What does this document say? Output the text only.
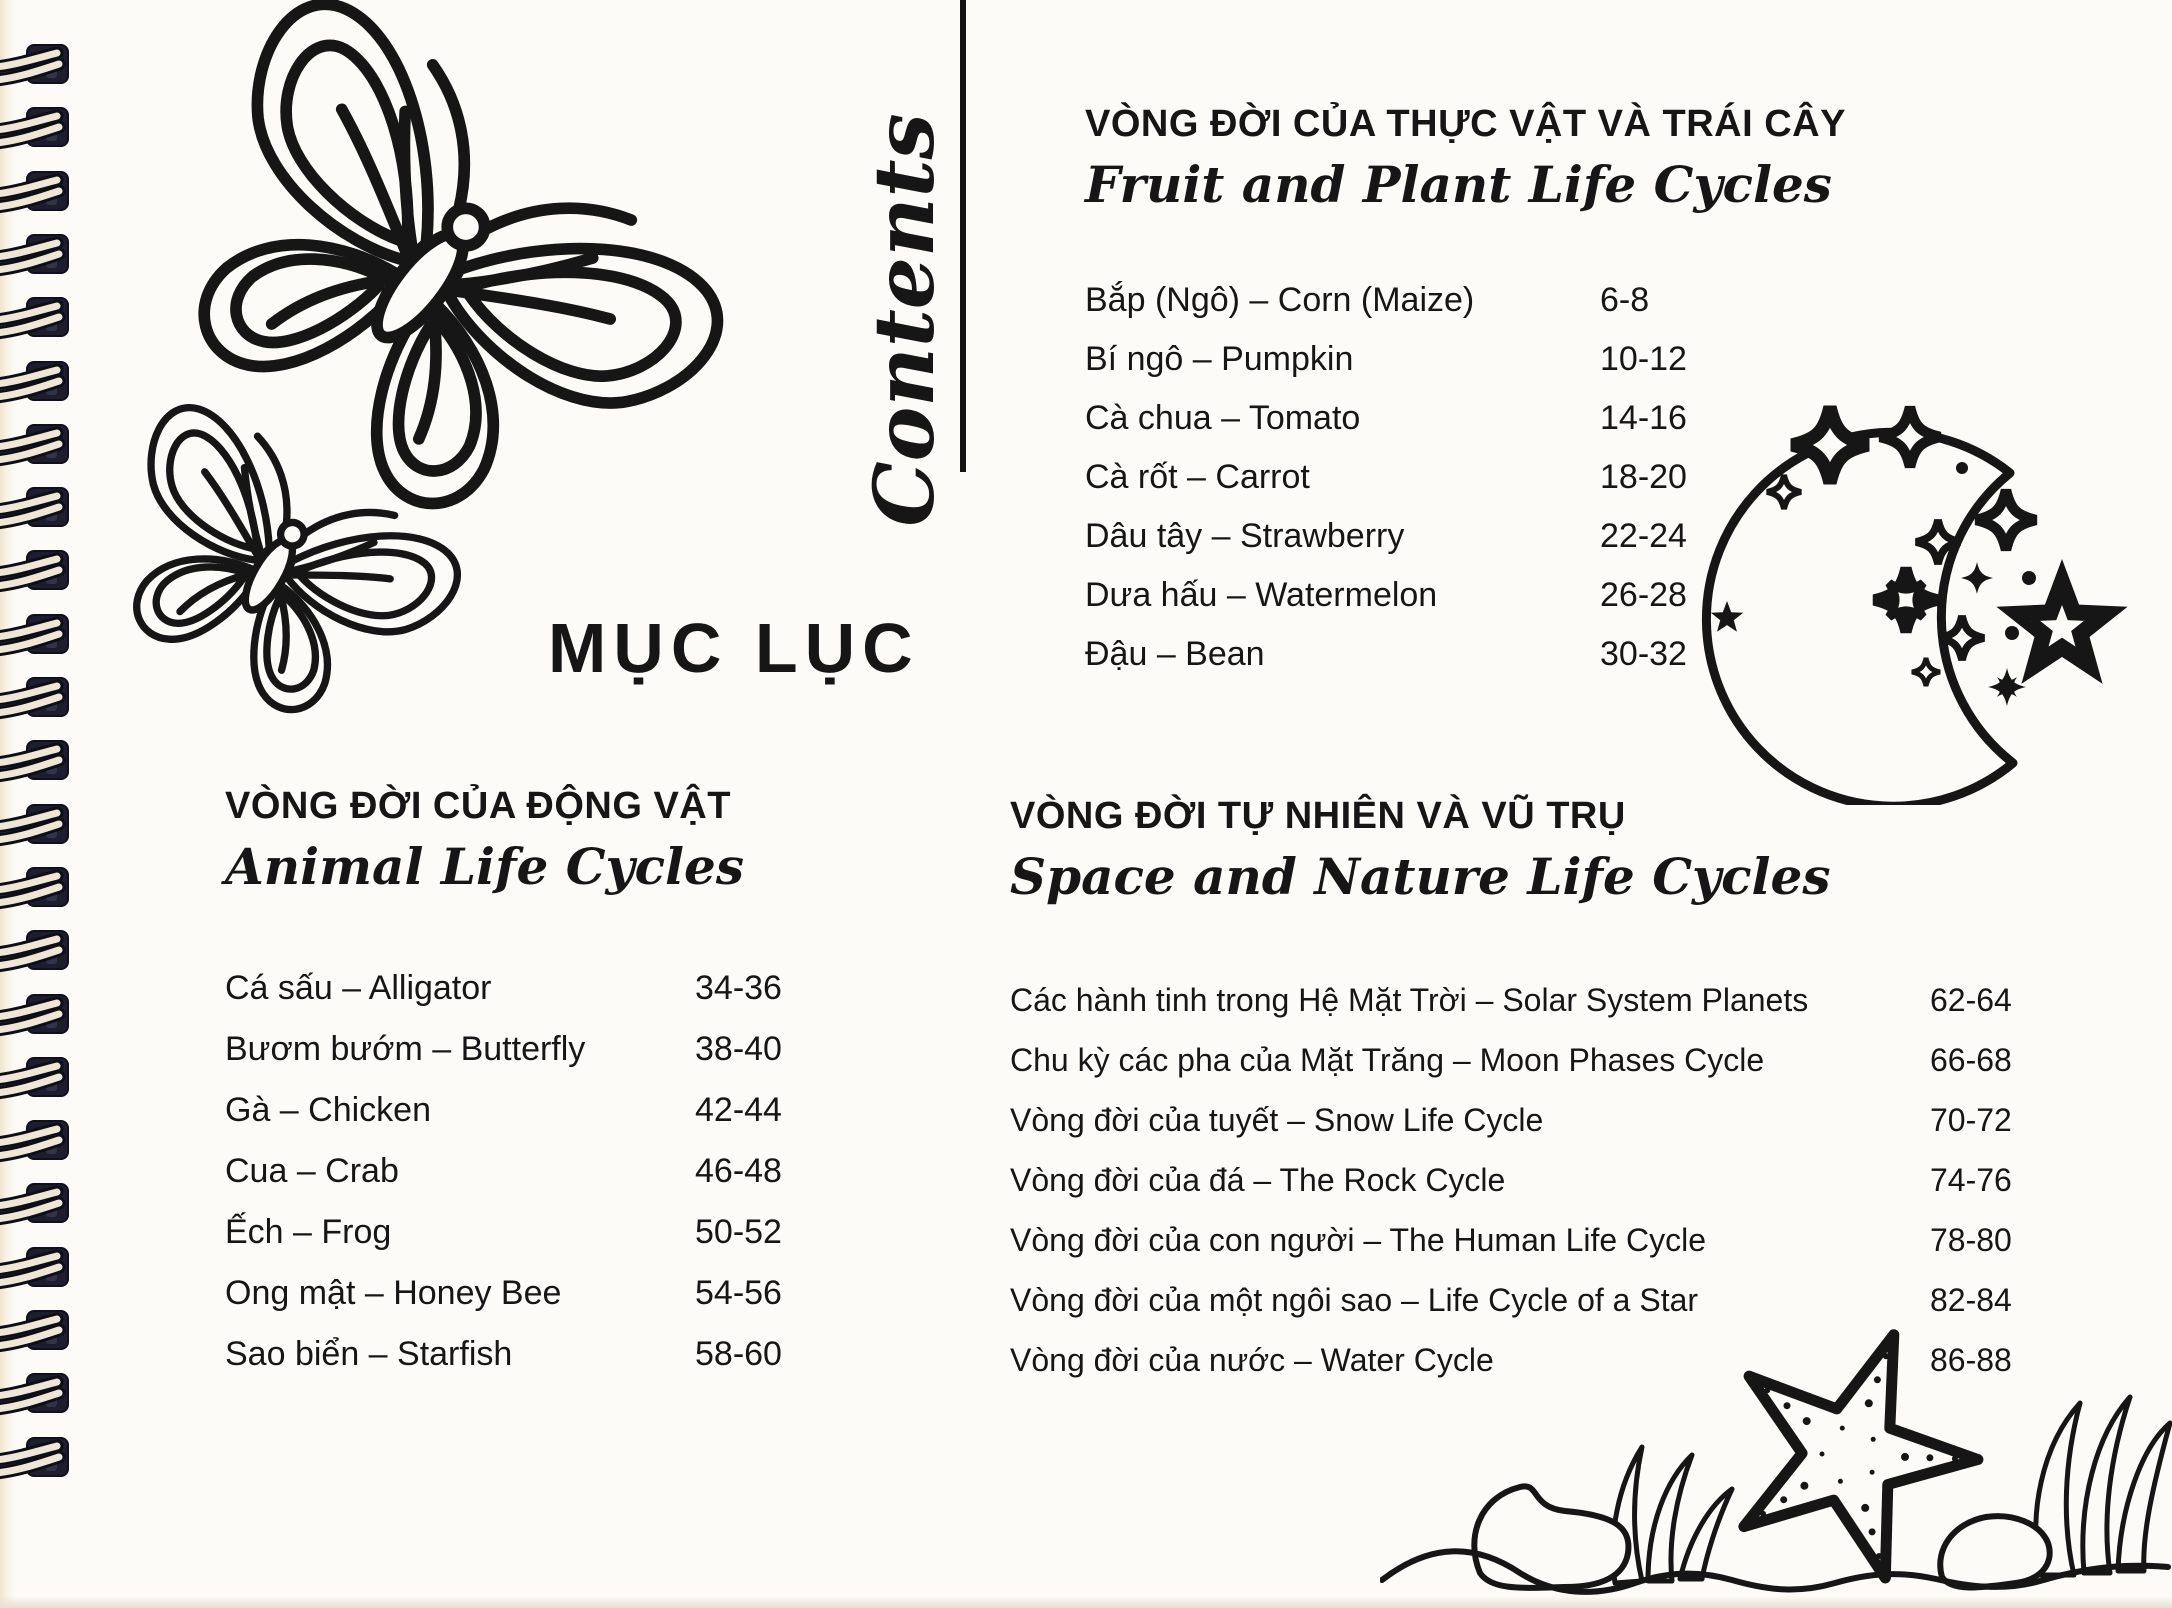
Contents
MỤC LỤC
VÒNG ĐỜI CỦA THỰC VẬT VÀ TRÁI CÂY
Fruit and Plant Life Cycles
Bắp (Ngô) – Corn (Maize)	6-8
Bí ngô – Pumpkin	10-12
Cà chua – Tomato	14-16
Cà rốt – Carrot	18-20
Dâu tây – Strawberry	22-24
Dưa hấu – Watermelon	26-28
Đậu – Bean	30-32
VÒNG ĐỜI CỦA ĐỘNG VẬT
Animal Life Cycles
Cá sấu – Alligator	34-36
Bươm bướm – Butterfly	38-40
Gà – Chicken	42-44
Cua – Crab	46-48
Ếch – Frog	50-52
Ong mật – Honey Bee	54-56
Sao biển – Starfish	58-60
VÒNG ĐỜI TỰ NHIÊN VÀ VŨ TRỤ
Space and Nature Life Cycles
Các hành tinh trong Hệ Mặt Trời – Solar System Planets	62-64
Chu kỳ các pha của Mặt Trăng – Moon Phases Cycle	66-68
Vòng đời của tuyết – Snow Life Cycle	70-72
Vòng đời của đá – The Rock Cycle	74-76
Vòng đời của con người – The Human Life Cycle	78-80
Vòng đời của một ngôi sao – Life Cycle of a Star	82-84
Vòng đời của nước – Water Cycle	86-88
